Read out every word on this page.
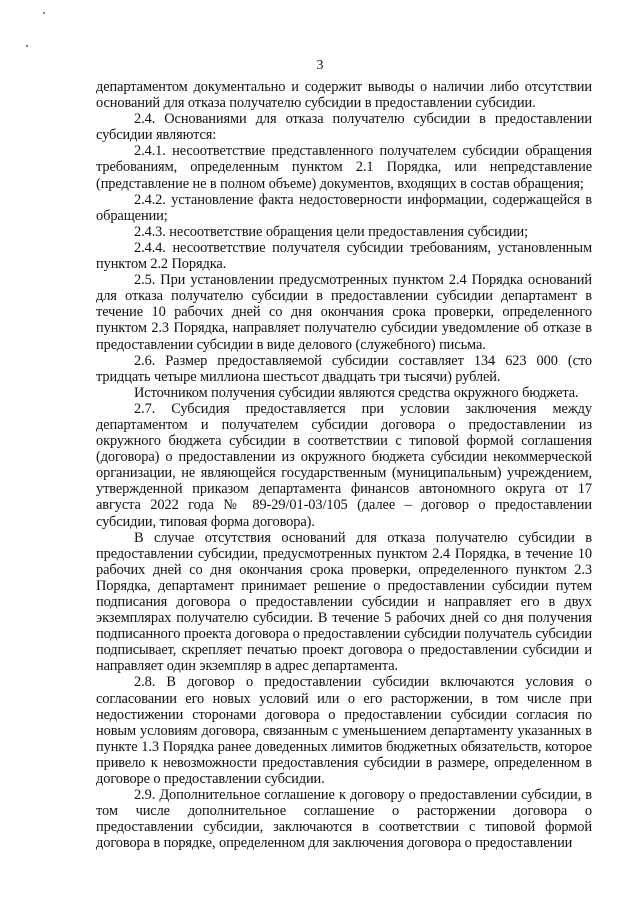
3

департаментом документально и содержит выводы о наличии либо отсутствии оснований для отказа получателю субсидии в предоставлении субсидии.

2.4. Основаниями для отказа получателю субсидии в предоставлении субсидии являются:

2.4.1. несоответствие представленного получателем субсидии обращения требованиям, определенным пунктом 2.1 Порядка, или непредставление (представление не в полном объеме) документов, входящих в состав обращения;

2.4.2. установление факта недостоверности информации, содержащейся в обращении;

2.4.3. несоответствие обращения цели предоставления субсидии;

2.4.4. несоответствие получателя субсидии требованиям, установленным пунктом 2.2 Порядка.

2.5. При установлении предусмотренных пунктом 2.4 Порядка оснований для отказа получателю субсидии в предоставлении субсидии департамент в течение 10 рабочих дней со дня окончания срока проверки, определенного пунктом 2.3 Порядка, направляет получателю субсидии уведомление об отказе в предоставлении субсидии в виде делового (служебного) письма.

2.6. Размер предоставляемой субсидии составляет 134 623 000 (сто тридцать четыре миллиона шестьсот двадцать три тысячи) рублей.

Источником получения субсидии являются средства окружного бюджета.

2.7. Субсидия предоставляется при условии заключения между департаментом и получателем субсидии договора о предоставлении из окружного бюджета субсидии в соответствии с типовой формой соглашения (договора) о предоставлении из окружного бюджета субсидии некоммерческой организации, не являющейся государственным (муниципальным) учреждением, утвержденной приказом департамента финансов автономного округа от 17 августа 2022 года № 89-29/01-03/105 (далее – договор о предоставлении субсидии, типовая форма договора).

В случае отсутствия оснований для отказа получателю субсидии в предоставлении субсидии, предусмотренных пунктом 2.4 Порядка, в течение 10 рабочих дней со дня окончания срока проверки, определенного пунктом 2.3 Порядка, департамент принимает решение о предоставлении субсидии путем подписания договора о предоставлении субсидии и направляет его в двух экземплярах получателю субсидии. В течение 5 рабочих дней со дня получения подписанного проекта договора о предоставлении субсидии получатель субсидии подписывает, скрепляет печатью проект договора о предоставлении субсидии и направляет один экземпляр в адрес департамента.

2.8. В договор о предоставлении субсидии включаются условия о согласовании его новых условий или о его расторжении, в том числе при недостижении сторонами договора о предоставлении субсидии согласия по новым условиям договора, связанным с уменьшением департаменту указанных в пункте 1.3 Порядка ранее доведенных лимитов бюджетных обязательств, которое привело к невозможности предоставления субсидии в размере, определенном в договоре о предоставлении субсидии.

2.9. Дополнительное соглашение к договору о предоставлении субсидии, в том числе дополнительное соглашение о расторжении договора о предоставлении субсидии, заключаются в соответствии с типовой формой договора в порядке, определенном для заключения договора о предоставлении
